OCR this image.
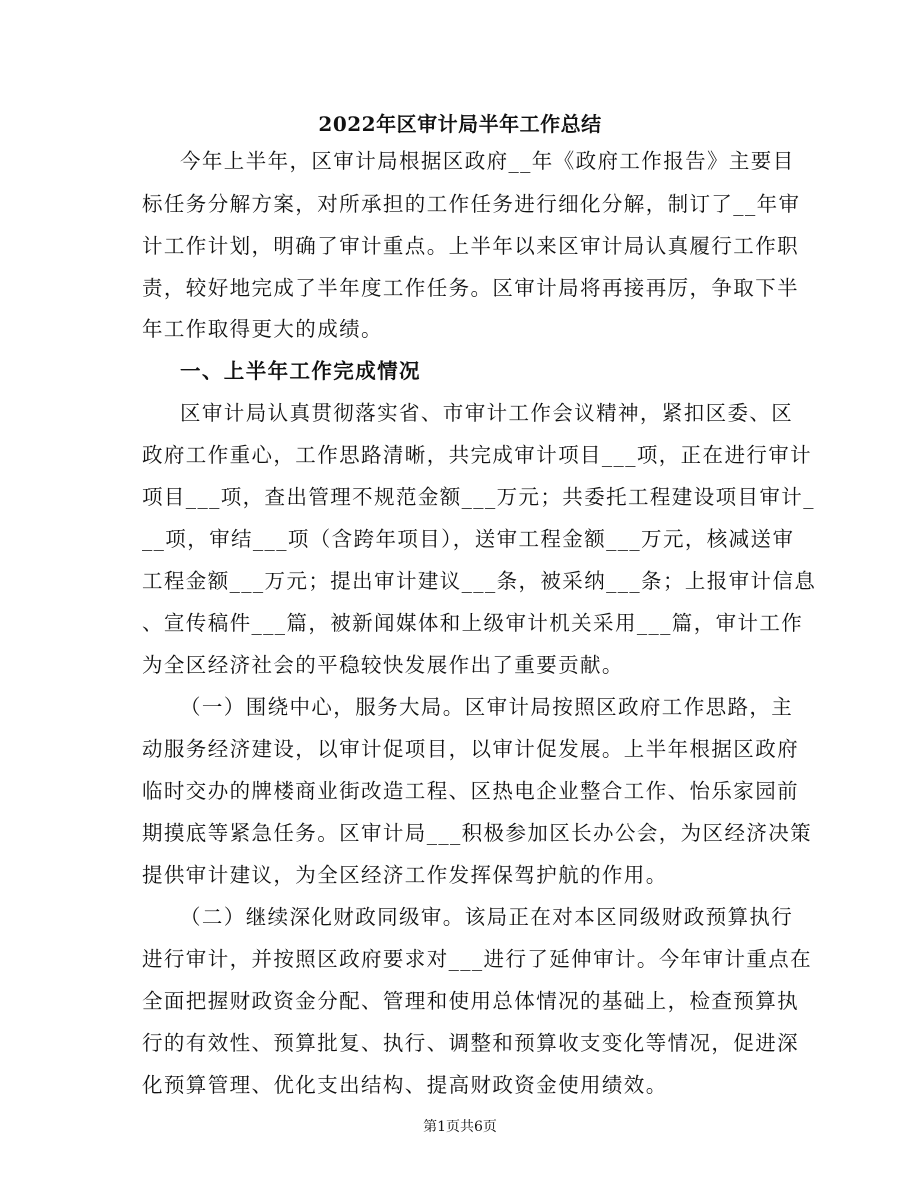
2022年区审计局半年工作总结
今年上半年，区审计局根据区政府__年《政府工作报告》主要目
标任务分解方案，对所承担的工作任务进行细化分解，制订了__年审
计工作计划，明确了审计重点。上半年以来区审计局认真履行工作职
责，较好地完成了半年度工作任务。区审计局将再接再厉，争取下半
年工作取得更大的成绩。
一、上半年工作完成情况
区审计局认真贯彻落实省、市审计工作会议精神，紧扣区委、区
政府工作重心，工作思路清晰，共完成审计项目___项，正在进行审计
项目___项，查出管理不规范金额___万元；共委托工程建设项目审计_
__项，审结___项（含跨年项目），送审工程金额___万元，核减送审
工程金额___万元；提出审计建议___条，被采纳___条；上报审计信息
、宣传稿件___篇，被新闻媒体和上级审计机关采用___篇，审计工作
为全区经济社会的平稳较快发展作出了重要贡献。
（一）围绕中心，服务大局。区审计局按照区政府工作思路，主
动服务经济建设，以审计促项目，以审计促发展。上半年根据区政府
临时交办的牌楼商业街改造工程、区热电企业整合工作、怡乐家园前
期摸底等紧急任务。区审计局___积极参加区长办公会，为区经济决策
提供审计建议，为全区经济工作发挥保驾护航的作用。
（二）继续深化财政同级审。该局正在对本区同级财政预算执行
进行审计，并按照区政府要求对___进行了延伸审计。今年审计重点在
全面把握财政资金分配、管理和使用总体情况的基础上，检查预算执
行的有效性、预算批复、执行、调整和预算收支变化等情况，促进深
化预算管理、优化支出结构、提高财政资金使用绩效。
第1页共6页
